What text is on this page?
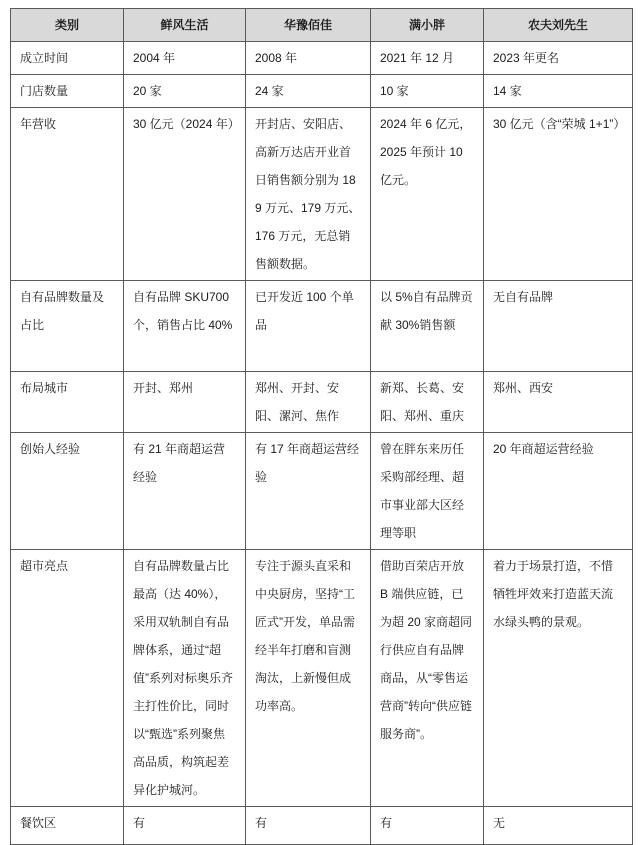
类别	鲜风生活	华豫佰佳	满小胖	农夫刘先生
成立时间	2004 年	2008 年	2021 年 12 月	2023 年更名
门店数量	20 家	24 家	10 家	14 家
年营收	30 亿元（2024 年）	开封店、安阳店、高新万达店开业首日销售额分别为 189 万元、179 万元、176 万元，无总销售额数据。	2024 年 6 亿元，2025 年预计 10 亿元。	30 亿元（含“荣城 1+1”）
自有品牌数量及占比	自有品牌 SKU700 个，销售占比 40%	已开发近 100 个单品	以 5%自有品牌贡献 30%销售额	无自有品牌
布局城市	开封、郑州	郑州、开封、安阳、漯河、焦作	新郑、长葛、安阳、郑州、重庆	郑州、西安
创始人经验	有 21 年商超运营经验	有 17 年商超运营经验	曾在胖东来历任采购部经理、超市事业部大区经理等职	20 年商超运营经验
超市亮点	自有品牌数量占比最高（达 40%），采用双轨制自有品牌体系，通过“超值”系列对标奥乐齐主打性价比，同时以“甄选”系列聚焦高品质，构筑起差异化护城河。	专注于源头直采和中央厨房，坚持“工匠式”开发，单品需经半年打磨和盲测淘汰，上新慢但成功率高。	借助百荣店开放 B 端供应链，已为超 20 家商超同行供应自有品牌商品，从“零售运营商”转向“供应链服务商”。	着力于场景打造，不惜牺牲坪效来打造蓝天流水绿头鸭的景观。
餐饮区	有	有	有	无
